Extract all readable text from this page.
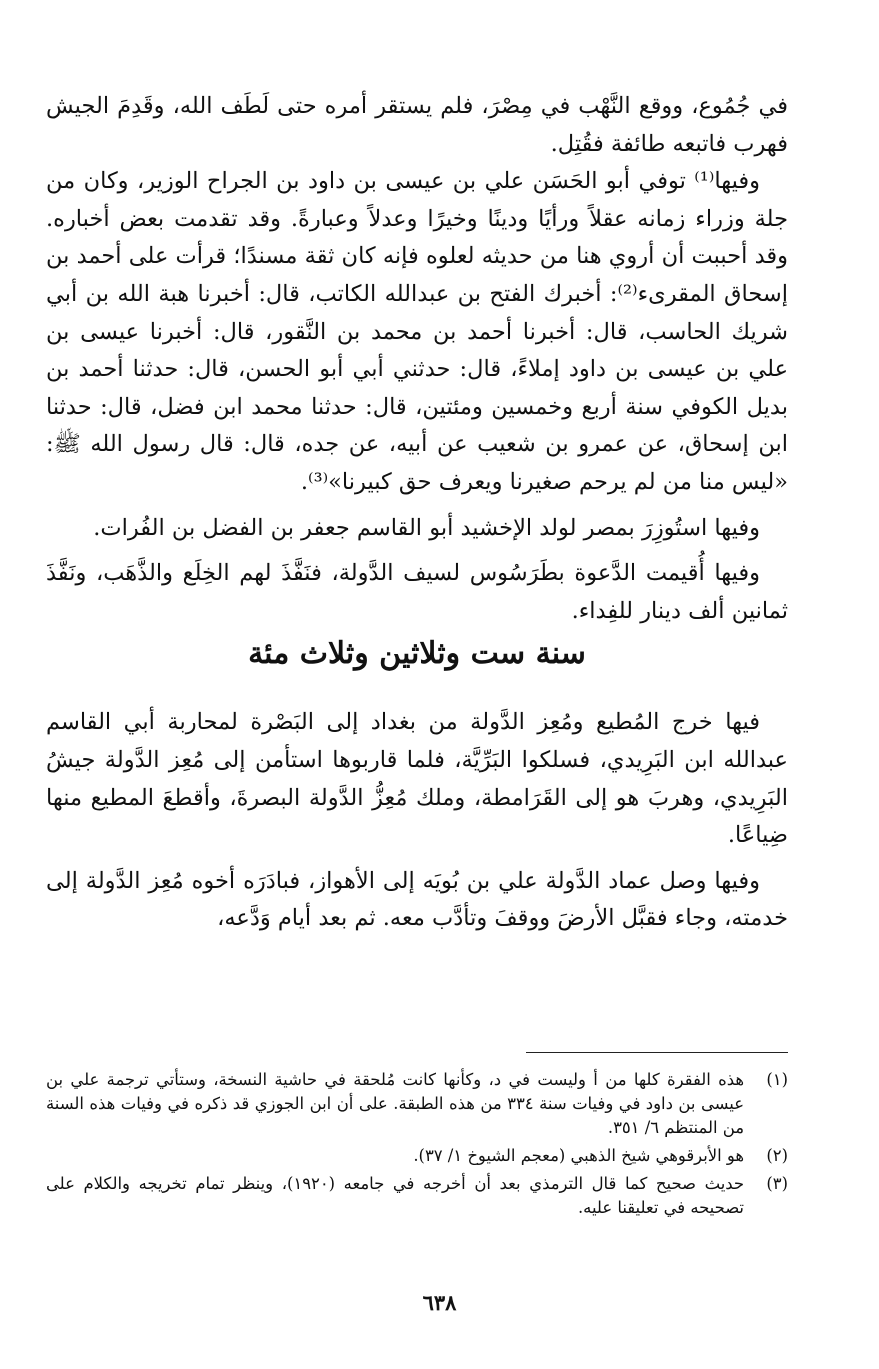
في جُمُوع، ووقع النَّهْب في مِصْرَ، فلم يستقر أمره حتى لَطَف الله، وقَدِمَ الجيش فهرب فاتبعه طائفة فقُتِل.

وفيها⁽¹⁾ توفي أبو الحَسَن علي بن عيسى بن داود بن الجراح الوزير، وكان من جلة وزراء زمانه عقلاً ورأيًا ودينًا وخيرًا وعدلاً وعبارةً. وقد تقدمت بعض أخباره. وقد أحببت أن أروي هنا من حديثه لعلوه فإنه كان ثقة مسندًا؛ قرأت على أحمد بن إسحاق المقرىء⁽²⁾: أخبرك الفتح بن عبدالله الكاتب، قال: أخبرنا هبة الله بن أبي شريك الحاسب، قال: أخبرنا أحمد بن محمد بن النَّقور، قال: أخبرنا عيسى بن علي بن عيسى بن داود إملاءً، قال: حدثني أبي أبو الحسن، قال: حدثنا أحمد بن بديل الكوفي سنة أربع وخمسين ومئتين، قال: حدثنا محمد ابن فضل، قال: حدثنا ابن إسحاق، عن عمرو بن شعيب عن أبيه، عن جده، قال: قال رسول الله ﷺ: «ليس منا من لم يرحم صغيرنا ويعرف حق كبيرنا»⁽³⁾.

وفيها استُوزِرَ بمصر لولد الإخشيد أبو القاسم جعفر بن الفضل بن الفُرات.

وفيها أُقيمت الدَّعوة بطَرَسُوس لسيف الدَّولة، فنَفَّذَ لهم الخِلَع والذَّهَب، ونَفَّذَ ثمانين ألف دينار للفِداء.

سنة ست وثلاثين وثلاث مئة

فيها خرج المُطيع ومُعِز الدَّولة من بغداد إلى البَصْرة لمحاربة أبي القاسم عبدالله ابن البَرِيدي، فسلكوا البَرِّيَّة، فلما قاربوها استأمن إلى مُعِز الدَّولة جيشُ البَرِيدي، وهربَ هو إلى القَرَامطة، وملك مُعِزُّ الدَّولة البصرةَ، وأقطعَ المطيع منها ضِياعًا.

وفيها وصل عماد الدَّولة علي بن بُويَه إلى الأهواز، فبادَرَه أخوه مُعِز الدَّولة إلى خدمته، وجاء فقبَّل الأرضَ ووقفَ وتأدَّب معه. ثم بعد أيام وَدَّعه،

(١)
هذه الفقرة كلها من أ وليست في د، وكأنها كانت مُلحقة في حاشية النسخة، وستأتي ترجمة علي بن عيسى بن داود في وفيات سنة ٣٣٤ من هذه الطبقة. على أن ابن الجوزي قد ذكره في وفيات هذه السنة من المنتظم ٦/ ٣٥١.
(٢)
هو الأبرقوهي شيخ الذهبي (معجم الشيوخ ١/ ٣٧).
(٣)
حديث صحيح كما قال الترمذي بعد أن أخرجه في جامعه (١٩٢٠)، وينظر تمام تخريجه والكلام على تصحيحه في تعليقنا عليه.
٦٣٨
